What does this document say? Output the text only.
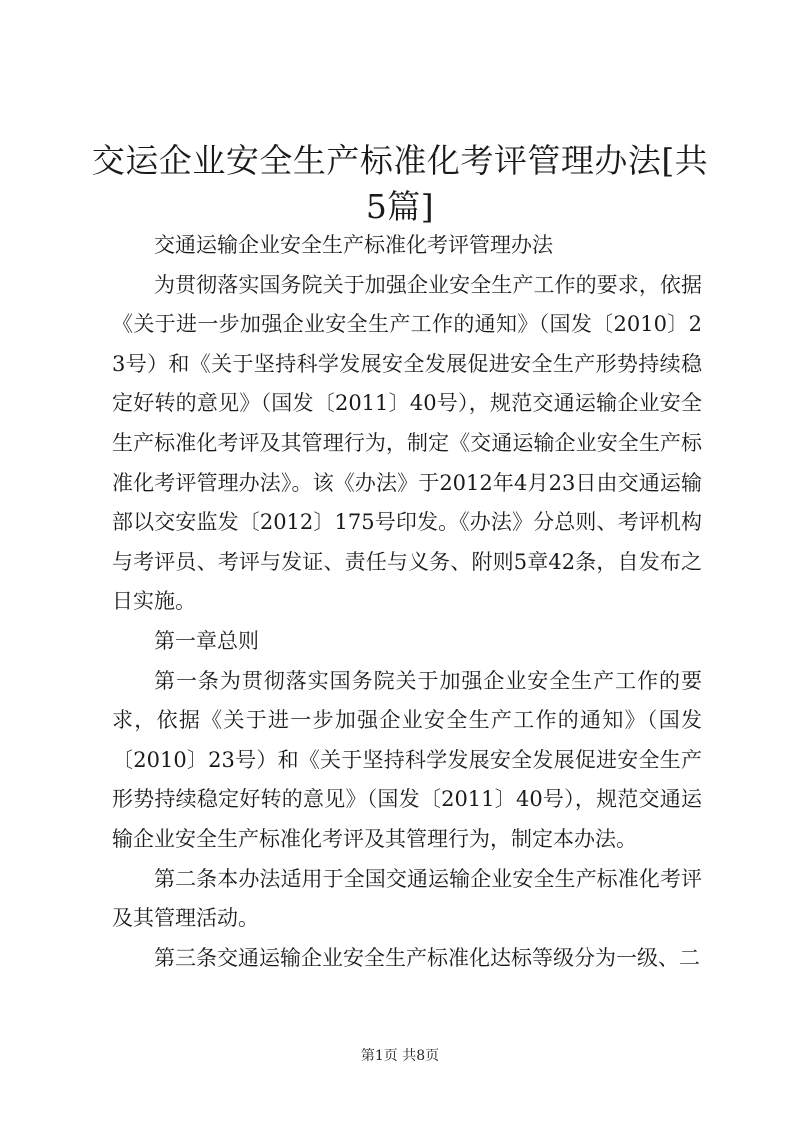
交运企业安全生产标准化考评管理办法[共5篇]

交通运输企业安全生产标准化考评管理办法

为贯彻落实国务院关于加强企业安全生产工作的要求，依据《关于进一步加强企业安全生产工作的通知》（国发〔2010〕23号）和《关于坚持科学发展安全发展促进安全生产形势持续稳定好转的意见》（国发〔2011〕40号），规范交通运输企业安全生产标准化考评及其管理行为，制定《交通运输企业安全生产标准化考评管理办法》。该《办法》于2012年4月23日由交通运输部以交安监发〔2012〕175号印发。《办法》分总则、考评机构与考评员、考评与发证、责任与义务、附则5章42条，自发布之日实施。

第一章总则

第一条为贯彻落实国务院关于加强企业安全生产工作的要求，依据《关于进一步加强企业安全生产工作的通知》（国发〔2010〕23号）和《关于坚持科学发展安全发展促进安全生产形势持续稳定好转的意见》（国发〔2011〕40号），规范交通运输企业安全生产标准化考评及其管理行为，制定本办法。

第二条本办法适用于全国交通运输企业安全生产标准化考评及其管理活动。

第三条交通运输企业安全生产标准化达标等级分为一级、二

第1页 共8页
